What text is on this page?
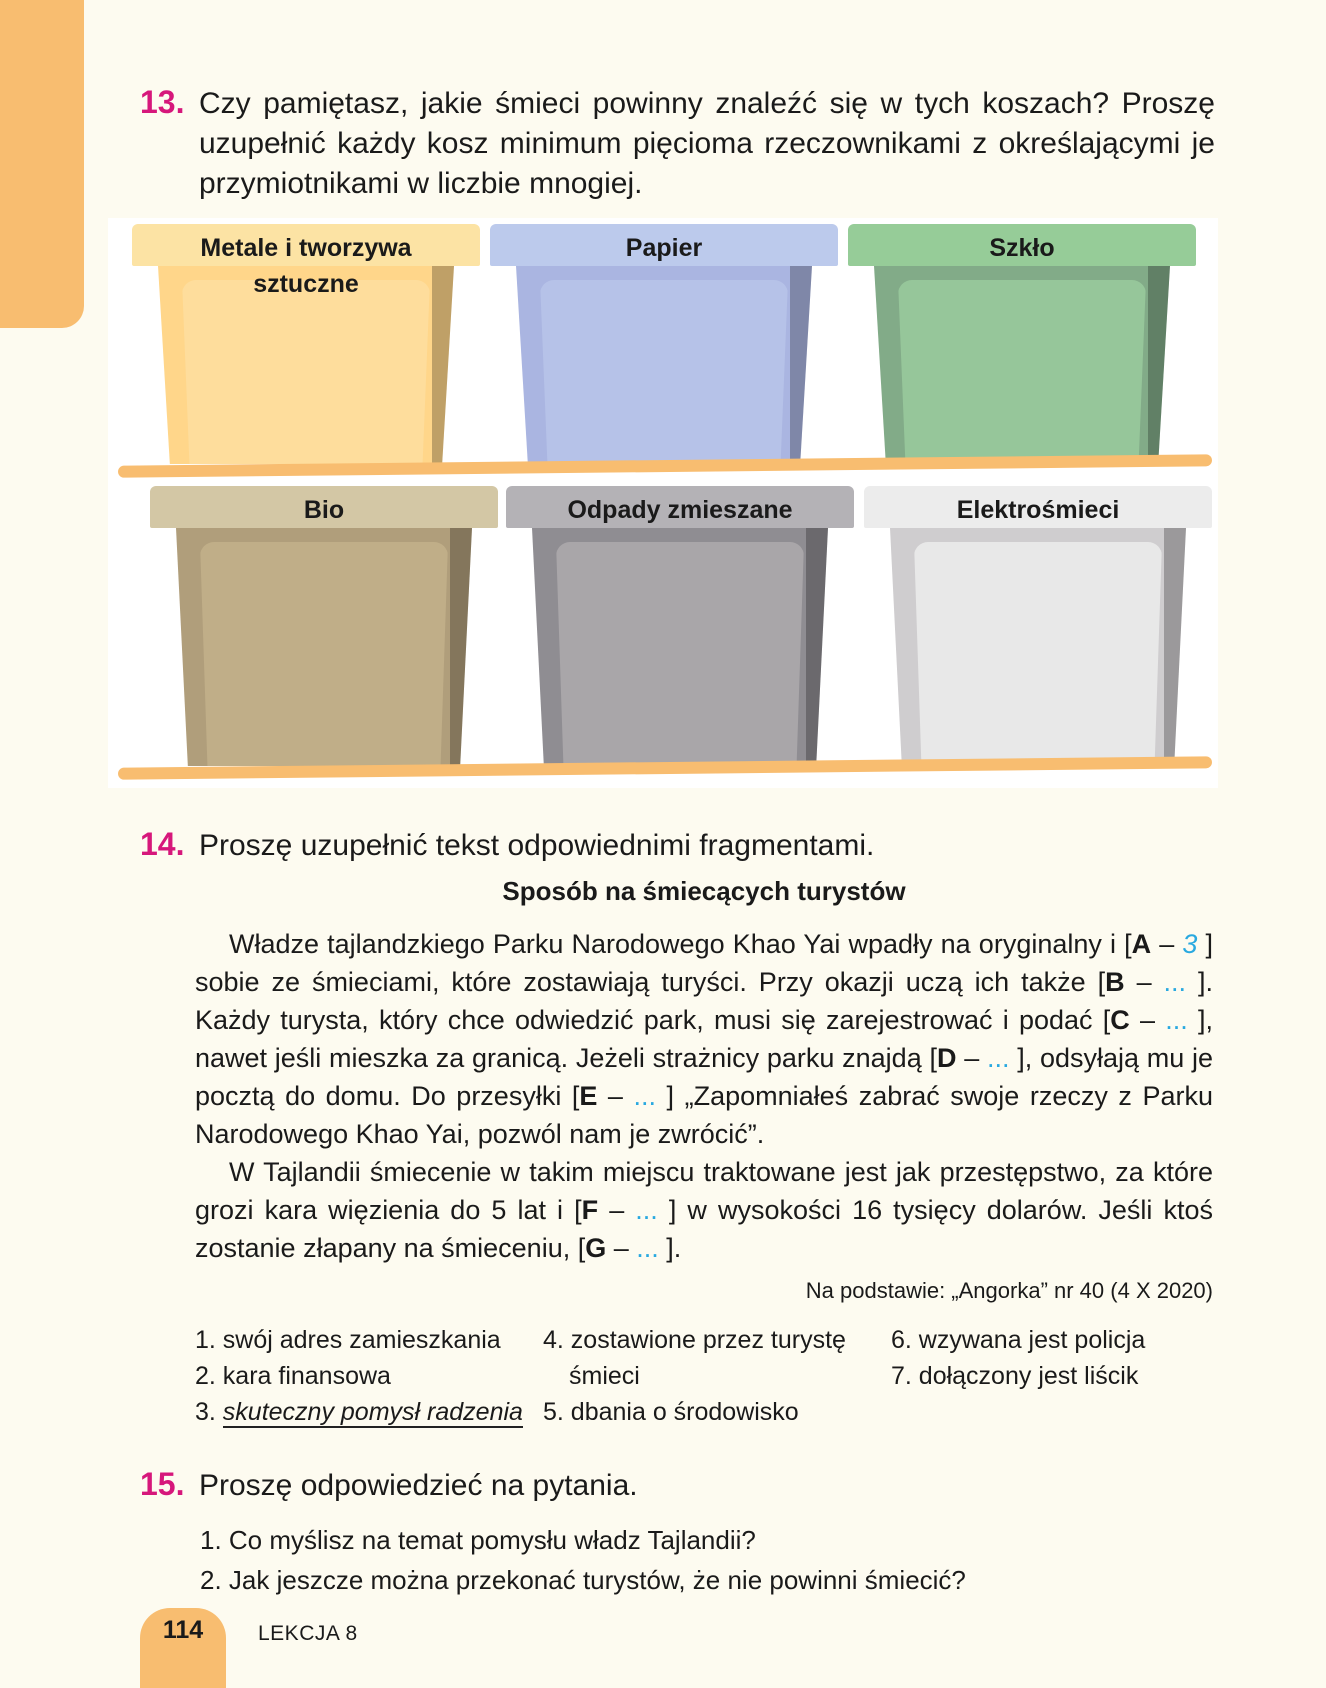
13. Czy pamiętasz, jakie śmieci powinny znaleźć się w tych koszach? Proszę uzupełnić każdy kosz minimum pięcioma rzeczownikami z określającymi je przymiotnikami w liczbie mnogiej.
Metale i tworzywa sztuczne
Papier	Szkło
Bio	Odpady zmieszane	Elektrośmieci
14. Proszę uzupełnić tekst odpowiednimi fragmentami.
Sposób na śmiecących turystów

Władze tajlandzkiego Parku Narodowego Khao Yai wpadły na oryginalny i [A – 3 ] sobie ze śmieciami, które zostawiają turyści. Przy okazji uczą ich także [B – ... ]. Każdy turysta, który chce odwiedzić park, musi się zarejestrować i podać [C – ... ], nawet jeśli mieszka za granicą. Jeżeli strażnicy parku znajdą [D – ... ], odsyłają mu je pocztą do domu. Do przesyłki [E – ... ] „Zapomniałeś zabrać swoje rzeczy z Parku Narodowego Khao Yai, pozwól nam je zwrócić”.

W Tajlandii śmiecenie w takim miejscu traktowane jest jak przestępstwo, za które grozi kara więzienia do 5 lat i [F – ... ] w wysokości 16 tysięcy dolarów. Jeśli ktoś zostanie złapany na śmieceniu, [G – ... ].

Na podstawie: „Angorka” nr 40 (4 X 2020)
1. swój adres zamieszkania
2. kara finansowa
3. skuteczny pomysł radzenia
4. zostawione przez turystę
śmieci
5. dbania o środowisko
6. wzywana jest policja
7. dołączony jest liścik
15. Proszę odpowiedzieć na pytania.
1. Co myślisz na temat pomysłu władz Tajlandii?
2. Jak jeszcze można przekonać turystów, że nie powinni śmiecić?
114	LEKCJA 8
